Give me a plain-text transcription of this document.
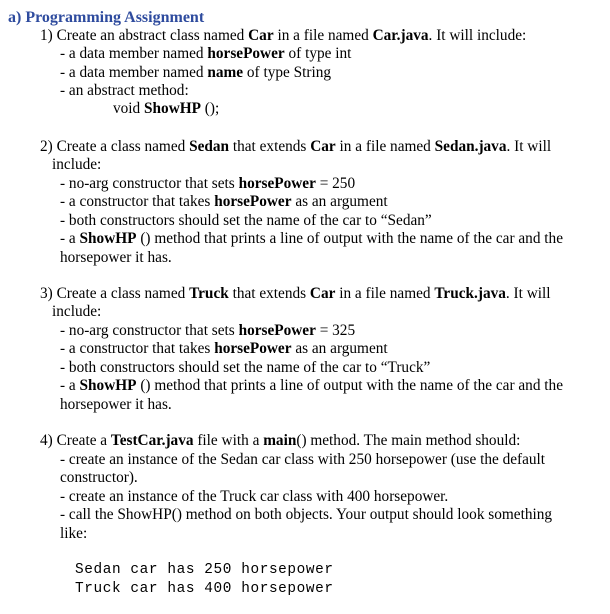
a) Programming Assignment
1) Create an abstract class named Car in a file named Car.java. It will include:
- a data member named horsePower of type int
- a data member named name of type String
- an abstract method:
void ShowHP ();
2) Create a class named Sedan that extends Car in a file named Sedan.java. It will
include:
- no-arg constructor that sets horsePower = 250
- a constructor that takes horsePower as an argument
- both constructors should set the name of the car to “Sedan”
- a ShowHP () method that prints a line of output with the name of the car and the
horsepower it has.
3) Create a class named Truck that extends Car in a file named Truck.java. It will
include:
- no-arg constructor that sets horsePower = 325
- a constructor that takes horsePower as an argument
- both constructors should set the name of the car to “Truck”
- a ShowHP () method that prints a line of output with the name of the car and the
horsepower it has.
4) Create a TestCar.java file with a main() method. The main method should:
- create an instance of the Sedan car class with 250 horsepower (use the default
constructor).
- create an instance of the Truck car class with 400 horsepower.
- call the ShowHP() method on both objects. Your output should look something
like:
Sedan car has 250 horsepower
Truck car has 400 horsepower
